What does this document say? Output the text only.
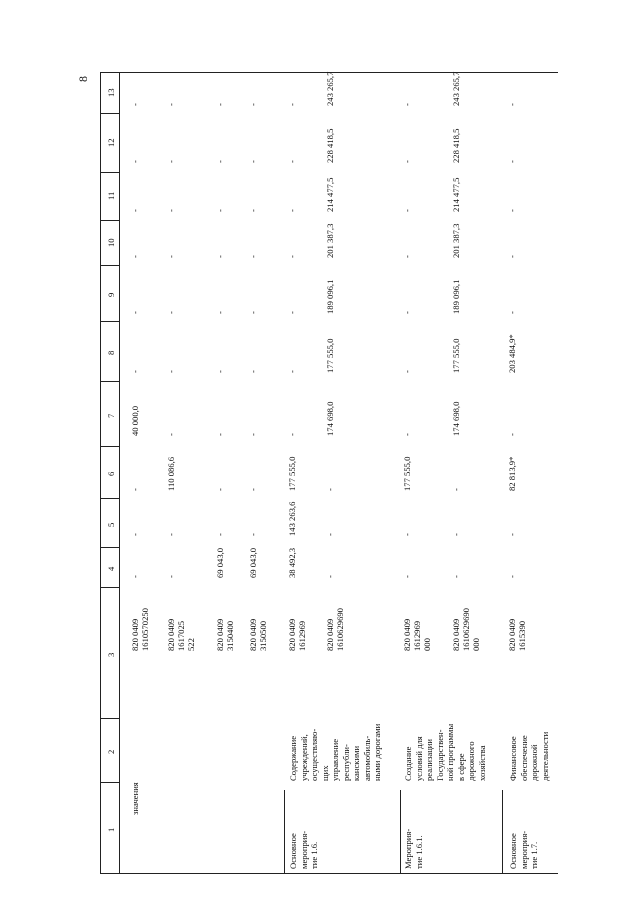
8
1
2
3
4
5
6
7
8
9
10
11
12
13
значения
820 0409 1610570250
-
-
-
40 000,0
-
-
-
-
-
-
820 0409 1617025 522
-
-
110 086,6
-
-
-
-
-
-
-
820 0409 3150400
69 043,0
-
-
-
-
-
-
-
-
-
820 0409 3150500
69 043,0
-
-
-
-
-
-
-
-
-
820 0409 1612969
38 492,3
143 263,6
177 555,0
-
-
-
-
-
-
-
820 0409 1610629690
-
-
-
174 698,0
177 555,0
189 096,1
201 387,3
214 477,5
228 418,5
243 265,7
820 0409 1612969 000
-
-
177 555,0
-
-
-
-
-
-
-
820 0409 1610629690 000
-
-
-
174 698,0
177 555,0
189 096,1
201 387,3
214 477,5
228 418,5
243 265,7
820 0409 1615390
-
-
82 813,9*
-
203 484,9*
-
-
-
-
-
Основное мероприя- тие 1.6.
Содержание учреждений, осуществляю- щих управление республи- канскими автомобиль- ными дорогами
Мероприя- тие 1.6.1.
Создание условий для реализации Государствен- ной программы в сфере дорожного хозяйства
Основное мероприя- тие 1.7.
Финансовое обеспечение дорожной деятельности
